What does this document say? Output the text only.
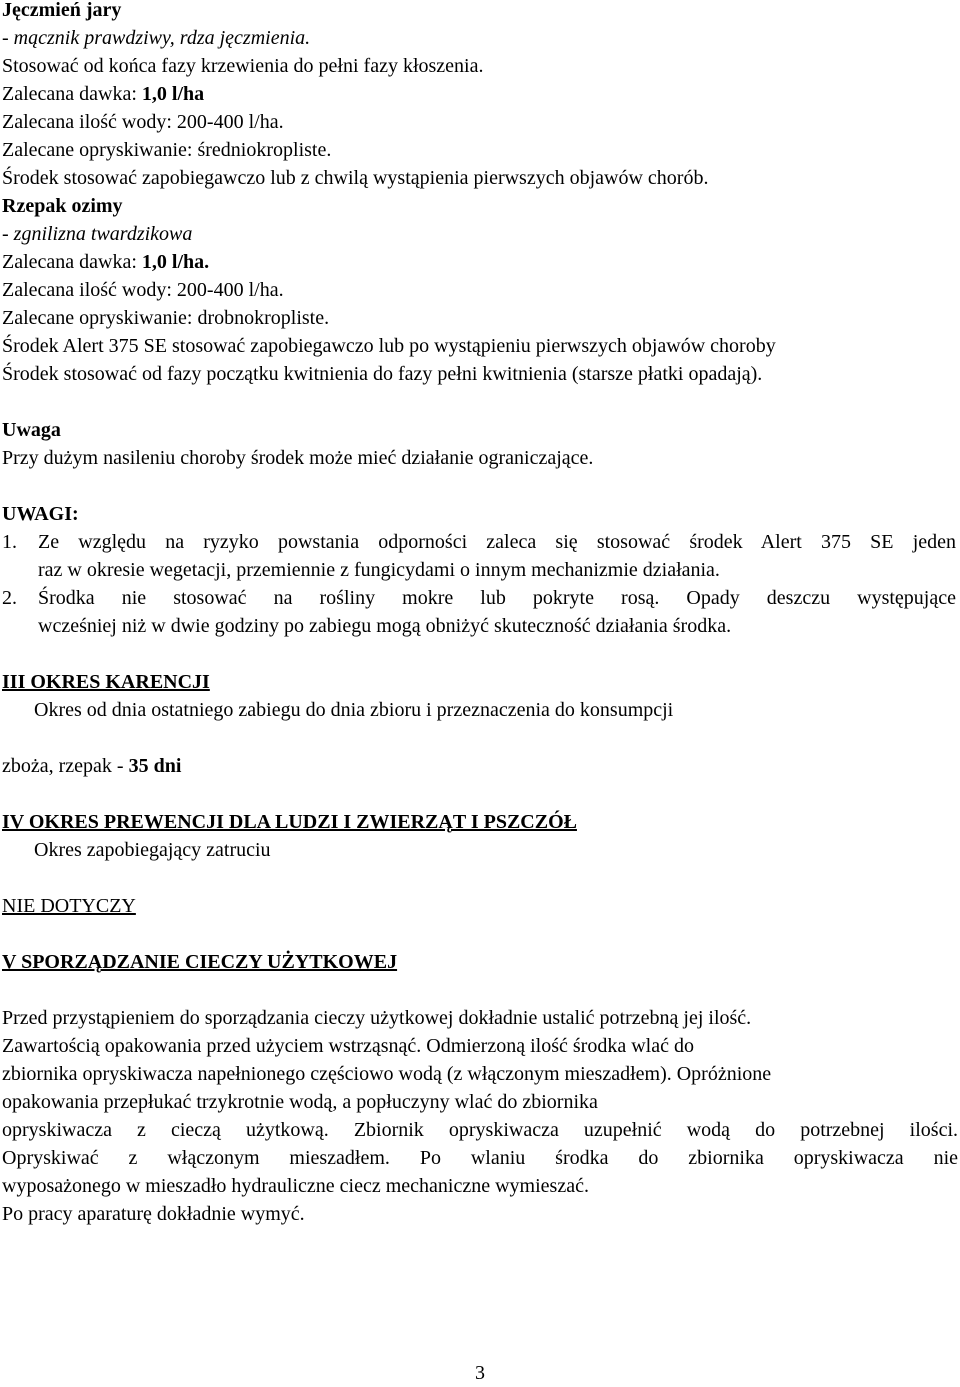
Jęczmień jary
- mącznik prawdziwy, rdza jęczmienia.
Stosować od końca fazy krzewienia do pełni fazy kłoszenia.
Zalecana dawka: 1,0 l/ha
Zalecana ilość wody: 200-400 l/ha.
Zalecane opryskiwanie: średniokropliste.
Środek stosować zapobiegawczo lub z chwilą wystąpienia pierwszych objawów chorób.
Rzepak ozimy
- zgnilizna twardzikowa
Zalecana dawka: 1,0 l/ha.
Zalecana ilość wody: 200-400 l/ha.
Zalecane opryskiwanie: drobnokropliste.
Środek Alert 375 SE stosować zapobiegawczo lub po wystąpieniu pierwszych objawów choroby
Środek stosować od fazy początku kwitnienia do fazy pełni kwitnienia (starsze płatki opadają).
Uwaga
Przy dużym nasileniu choroby środek może mieć działanie ograniczające.
UWAGI:
1. Ze względu na ryzyko powstania odporności zaleca się stosować środek Alert 375 SE jeden
raz w okresie wegetacji, przemiennie z fungicydami o innym mechanizmie działania.
2. Środka nie stosować na rośliny mokre lub pokryte rosą. Opady deszczu występujące
wcześniej niż w dwie godziny po zabiegu mogą obniżyć skuteczność działania środka.
III OKRES KARENCJI
Okres od dnia ostatniego zabiegu do dnia zbioru i przeznaczenia do konsumpcji
zboża, rzepak - 35 dni
IV OKRES PREWENCJI DLA LUDZI I ZWIERZĄT I PSZCZÓŁ
Okres zapobiegający zatruciu
NIE DOTYCZY
V SPORZĄDZANIE CIECZY UŻYTKOWEJ
Przed przystąpieniem do sporządzania cieczy użytkowej dokładnie ustalić potrzebną jej ilość.
Zawartością opakowania przed użyciem wstrząsnąć. Odmierzoną ilość środka wlać do
zbiornika opryskiwacza napełnionego częściowo wodą (z włączonym mieszadłem). Opróżnione
opakowania przepłukać trzykrotnie wodą, a popłuczyny wlać do zbiornika
opryskiwacza z cieczą użytkową. Zbiornik opryskiwacza uzupełnić wodą do potrzebnej ilości.
Opryskiwać z włączonym mieszadłem. Po wlaniu środka do zbiornika opryskiwacza nie
wyposażonego w mieszadło hydrauliczne ciecz mechaniczne wymieszać.
Po pracy aparaturę dokładnie wymyć.
3
